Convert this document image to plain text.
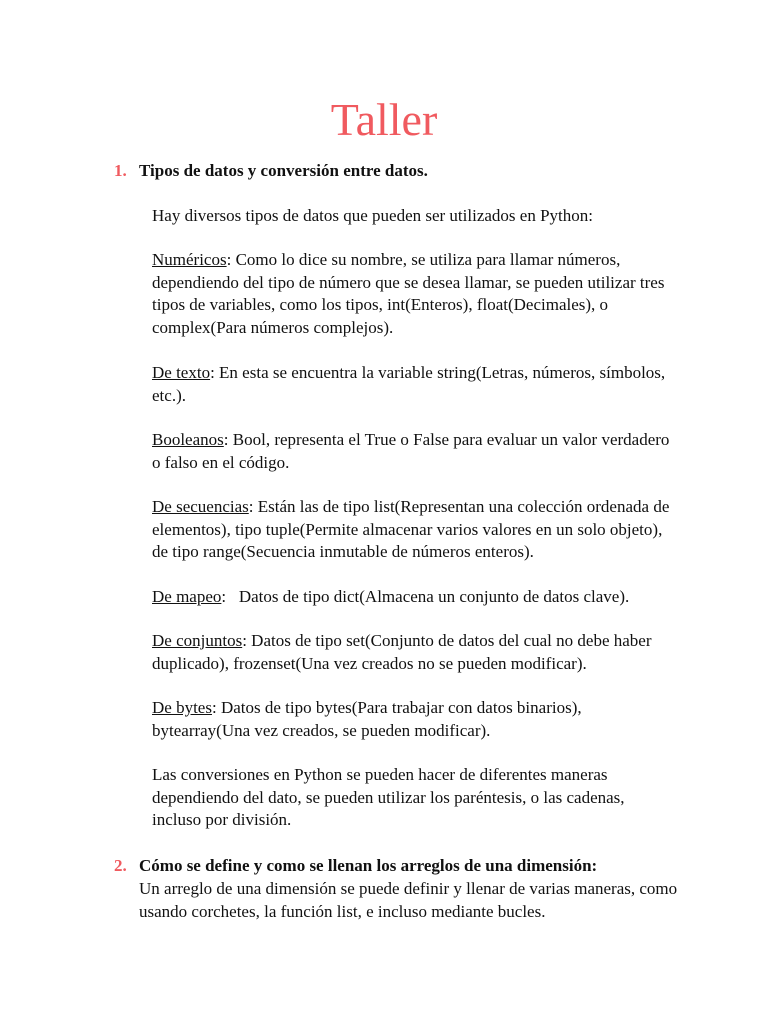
Taller
1. Tipos de datos y conversión entre datos.
Hay diversos tipos de datos que pueden ser utilizados en Python:
Numéricos: Como lo dice su nombre, se utiliza para llamar números, dependiendo del tipo de número que se desea llamar, se pueden utilizar tres tipos de variables, como los tipos, int(Enteros), float(Decimales), o complex(Para números complejos).
De texto: En esta se encuentra la variable string(Letras, números, símbolos, etc.).
Booleanos: Bool, representa el True o False para evaluar un valor verdadero o falso en el código.
De secuencias: Están las de tipo list(Representan una colección ordenada de elementos), tipo tuple(Permite almacenar varios valores en un solo objeto), de tipo range(Secuencia inmutable de números enteros).
De mapeo:   Datos de tipo dict(Almacena un conjunto de datos clave).
De conjuntos: Datos de tipo set(Conjunto de datos del cual no debe haber duplicado), frozenset(Una vez creados no se pueden modificar).
De bytes: Datos de tipo bytes(Para trabajar con datos binarios), bytearray(Una vez creados, se pueden modificar).
Las conversiones en Python se pueden hacer de diferentes maneras dependiendo del dato, se pueden utilizar los paréntesis, o las cadenas, incluso por división.
2. Cómo se define y como se llenan los arreglos de una dimensión:
Un arreglo de una dimensión se puede definir y llenar de varias maneras, como usando corchetes, la función list, e incluso mediante bucles.
